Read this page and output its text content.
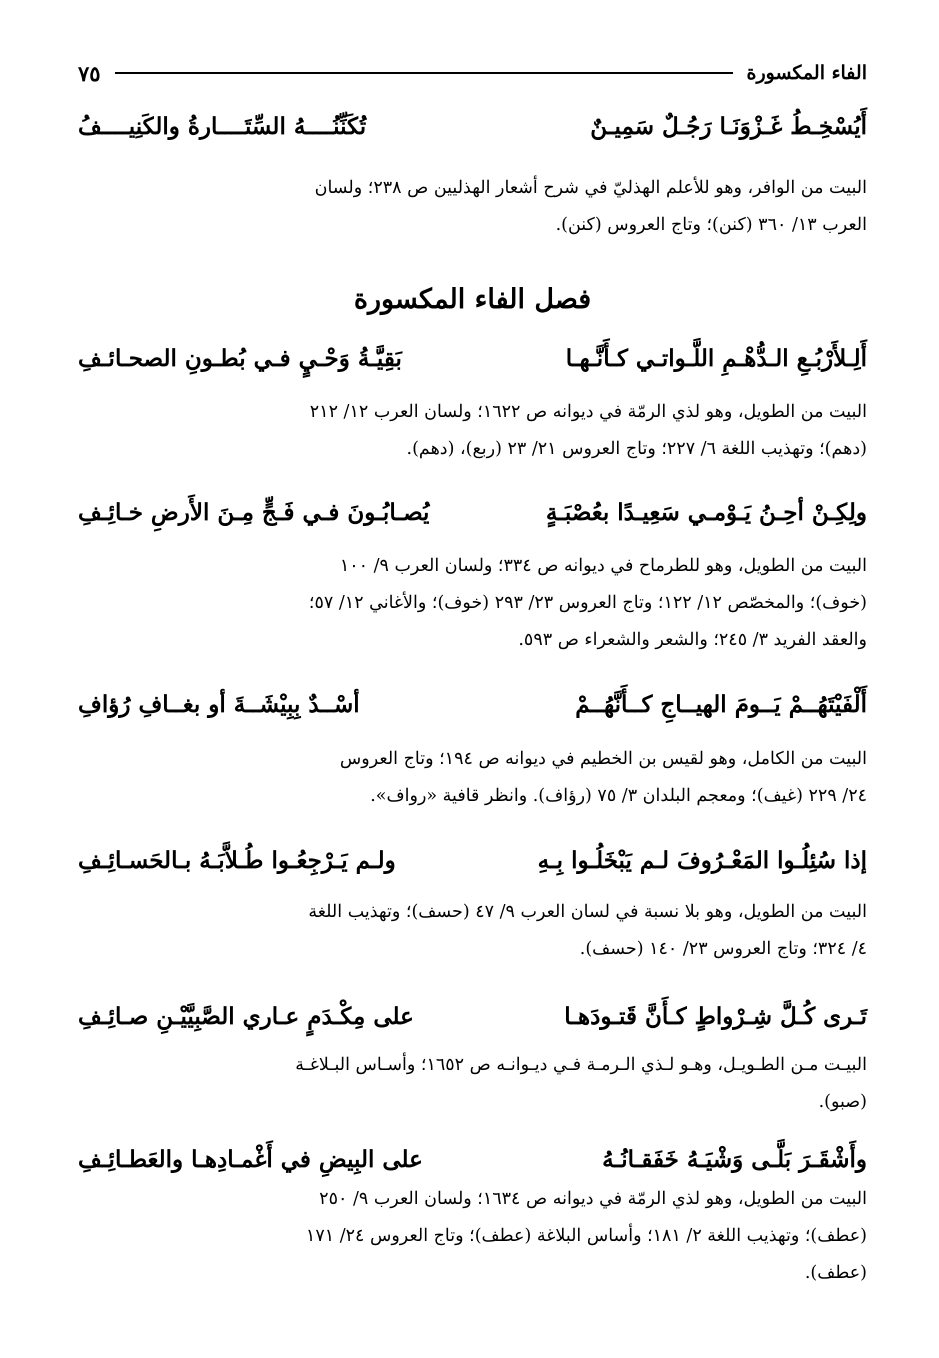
الفاء المكسورة
٧٥
أَيُسْخِـطُ غَـزْوَنَـا رَجُـلٌ سَمِيـنٌ
تُكَنِّنُــــهُ السِّتَــــارةُ والكَنِيــــفُ
البيت من الوافر، وهو للأعلم الهذليّ في شرح أشعار الهذليين ص ٢٣٨؛ ولسان
العرب ١٣/ ٣٦٠ (كنن)؛ وتاج العروس (كنن).
فصل الفاء المكسورة
أَلِـلأَرْبُـعِ الـدُّهْـمِ اللَّـواتـي كـأَنَّـهـا
بَقِيَّـةُ وَحْـيٍ فـي بُطـونِ الصحـائـفِ
البيت من الطويل، وهو لذي الرمّة في ديوانه ص ١٦٢٢؛ ولسان العرب ١٢/ ٢١٢
(دهم)؛ وتهذيب اللغة ٦/ ٢٢٧؛ وتاج العروس ٢١/ ٢٣ (ربع)، (دهم).
ولِكِـنْ أحِـنُ يَـوْمـي سَعِيـدًا بعُصْبَـةٍ
يُصـابُـونَ فـي فَـجٍّ مِـنَ الأَرضِ خـائِـفِ
البيت من الطويل، وهو للطرماح في ديوانه ص ٣٣٤؛ ولسان العرب ٩/ ١٠٠
(خوف)؛ والمخصّص ١٢/ ١٢٢؛ وتاج العروس ٢٣/ ٢٩٣ (خوف)؛ والأغاني ١٢/ ٥٧؛
والعقد الفريد ٣/ ٢٤٥؛ والشعر والشعراء ص ٥٩٣.
أَلْفَيْتَهُــمْ يَــومَ الهيــاجِ كــأَنَّهُــمْ
أسْــدٌ بِبِيْشَــةَ أو بغــافِ رُؤافِ
البيت من الكامل، وهو لقيس بن الخطيم في ديوانه ص ١٩٤؛ وتاج العروس
٢٤/ ٢٢٩ (غيف)؛ ومعجم البلدان ٣/ ٧٥ (رؤاف). وانظر قافية «رواف».
إذا سُئِلُـوا المَعْـرُوفَ لـم يَبْخَلُـوا بِـهِ
ولـم يَـرْجِعُـوا طُـلاَّبَـهُ بـالحَسـائِـفِ
البيت من الطويل، وهو بلا نسبة في لسان العرب ٩/ ٤٧ (حسف)؛ وتهذيب اللغة
٤/ ٣٢٤؛ وتاج العروس ٢٣/ ١٤٠ (حسف).
تَـرى كُـلَّ شِـرْواطٍ كـأَنَّ قَتـودَهـا
على مِكْـدَمٍ عـاري الصَّبِيَّيْـنِ صـائِـفِ
البيـت مـن الطـويـل، وهـو لـذي الـرمـة فـي ديـوانـه ص ١٦٥٢؛ وأسـاس البـلاغـة
(صبو).
وأَشْقَـرَ بَلَّـى وَشْيَـهُ خَفَقـانُـهُ
على البِيضِ في أَغْمـادِهـا والعَطـائِـفِ
البيت من الطويل، وهو لذي الرمّة في ديوانه ص ١٦٣٤؛ ولسان العرب ٩/ ٢٥٠
(عطف)؛ وتهذيب اللغة ٢/ ١٨١؛ وأساس البلاغة (عطف)؛ وتاج العروس ٢٤/ ١٧١
(عطف).
